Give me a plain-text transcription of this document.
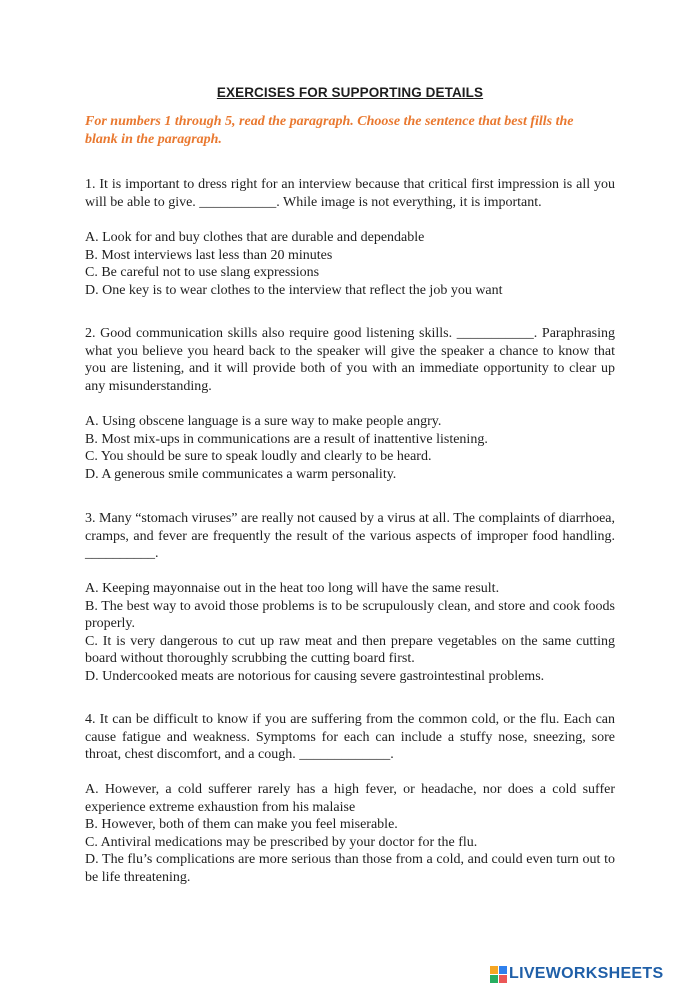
EXERCISES FOR SUPPORTING DETAILS
For numbers 1 through 5, read the paragraph. Choose the sentence that best fills the blank in the paragraph.

1. It is important to dress right for an interview because that critical first impression is all you will be able to give. ___________. While image is not everything, it is important.

A. Look for and buy clothes that are durable and dependable
B. Most interviews last less than 20 minutes
C. Be careful not to use slang expressions
D. One key is to wear clothes to the interview that reflect the job you want

2. Good communication skills also require good listening skills. ___________. Paraphrasing what you believe you heard back to the speaker will give the speaker a chance to know that you are listening, and it will provide both of you with an immediate opportunity to clear up any misunderstanding.

A. Using obscene language is a sure way to make people angry.
B. Most mix-ups in communications are a result of inattentive listening.
C. You should be sure to speak loudly and clearly to be heard.
D. A generous smile communicates a warm personality.

3. Many “stomach viruses” are really not caused by a virus at all. The complaints of diarrhoea, cramps, and fever are frequently the result of the various aspects of improper food handling. __________.

A. Keeping mayonnaise out in the heat too long will have the same result.
B. The best way to avoid those problems is to be scrupulously clean, and store and cook foods properly.
C. It is very dangerous to cut up raw meat and then prepare vegetables on the same cutting board without thoroughly scrubbing the cutting board first.
D. Undercooked meats are notorious for causing severe gastrointestinal problems.

4. It can be difficult to know if you are suffering from the common cold, or the flu. Each can cause fatigue and weakness. Symptoms for each can include a stuffy nose, sneezing, sore throat, chest discomfort, and a cough. _____________.

A. However, a cold sufferer rarely has a high fever, or headache, nor does a cold suffer experience extreme exhaustion from his malaise
B. However, both of them can make you feel miserable.
C. Antiviral medications may be prescribed by your doctor for the flu.
D. The flu’s complications are more serious than those from a cold, and could even turn out to be life threatening.
LIVEWORKSHEETS
